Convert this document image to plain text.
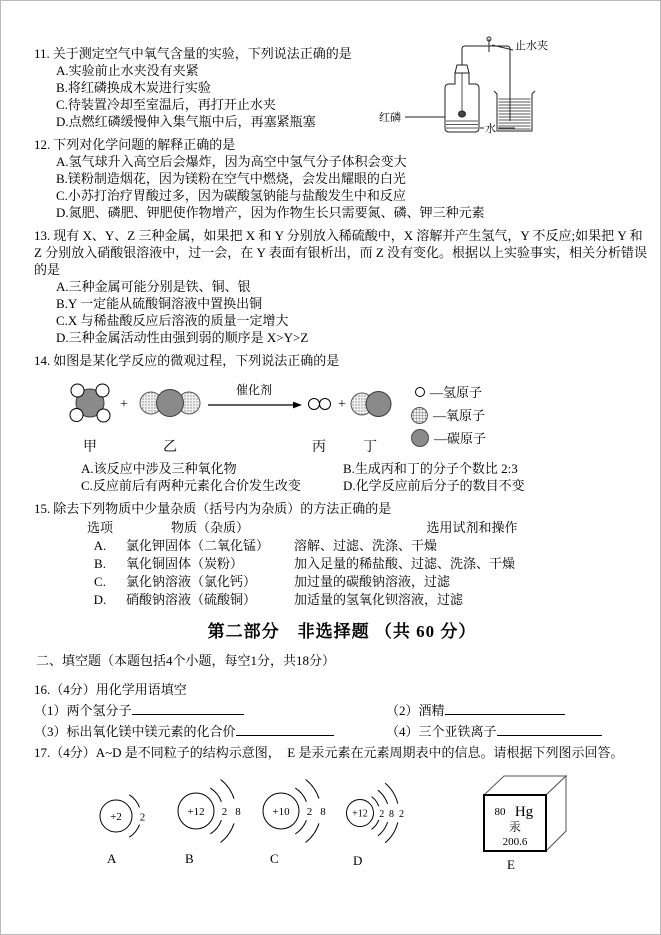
11. 关于测定空气中氧气含量的实验，下列说法正确的是
A.实验前止水夹没有夹紧
B.将红磷换成木炭进行实验
C.待装置冷却至室温后，再打开止水夹
D.点燃红磷缓慢伸入集气瓶中后，再塞紧瓶塞
止水夹
红磷
水
12. 下列对化学问题的解释正确的是
A.氢气球升入高空后会爆炸，因为高空中氢气分子体积会变大
B.镁粉制造烟花，因为镁粉在空气中燃烧，会发出耀眼的白光
C.小苏打治疗胃酸过多，因为碳酸氢钠能与盐酸发生中和反应
D.氮肥、磷肥、钾肥使作物增产，因为作物生长只需要氮、磷、钾三种元素
13. 现有 X、Y、Z 三种金属，如果把 X 和 Y 分别放入稀硫酸中，X 溶解并产生氢气，Y 不反应;如果把 Y 和 Z 分别放入硝酸银溶液中，过一会，在 Y 表面有银析出，而 Z 没有变化。根据以上实验事实，相关分析错误的是
A.三种金属可能分别是铁、铜、银
B.Y 一定能从硫酸铜溶液中置换出铜
C.X 与稀盐酸反应后溶液的质量一定增大
D.三种金属活动性由强到弱的顺序是 X>Y>Z
14. 如图是某化学反应的微观过程，下列说法正确的是
+
催化剂
+
甲	乙	丙	丁
—氢原子
—氧原子
—碳原子
A.该反应中涉及三种氧化物	B.生成丙和丁的分子个数比 2:3
C.反应前后有两种元素化合价发生改变	D.化学反应前后分子的数目不变
15. 除去下列物质中少量杂质（括号内为杂质）的方法正确的是
选项	物质（杂质）	选用试剂和操作
A.	氯化钾固体（二氧化锰）	溶解、过滤、洗涤、干燥
B.	氧化铜固体（炭粉）	加入足量的稀盐酸、过滤、洗涤、干燥
C.	氯化钠溶液（氯化钙）	加过量的碳酸钠溶液，过滤
D.	硝酸钠溶液（硫酸铜）	加适量的氢氧化钡溶液，过滤
第二部分　非选择题 （共 60 分）
二、填空题（本题包括4个小题，每空1分，共18分）
16.（4分）用化学用语填空
（1）两个氢分子	（2）酒精
（3）标出氧化镁中镁元素的化合价	（4）三个亚铁离子
17.（4分）A~D 是不同粒子的结构示意图，　E 是汞元素在元素周期表中的信息。请根据下列图示回答。
+2 2
A
+12 2 8
B
+10 2 8
C
+12 2 8 2
D
80 Hg
汞
200.6
E
